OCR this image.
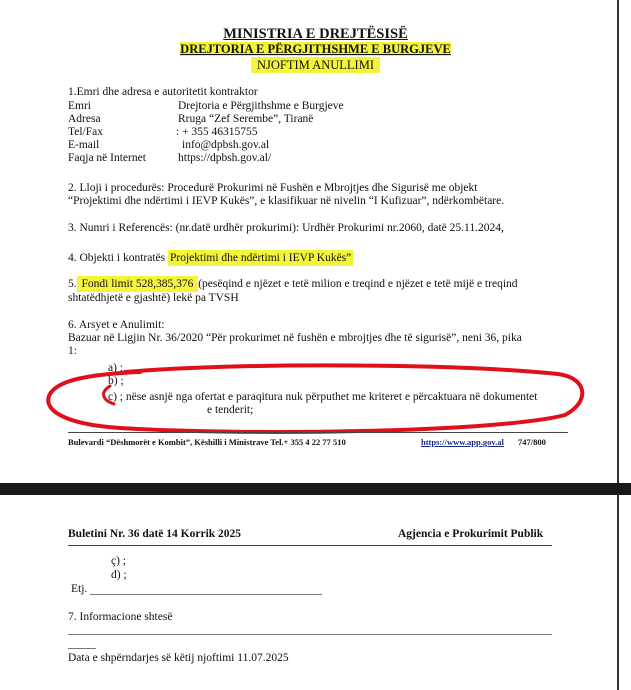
MINISTRIA E DREJTËSISË
DREJTORIA E PËRGJITHSHME E BURGJEVE
NJOFTIM ANULLIMI
1.Emri dhe adresa e autoritetit kontraktor
Emri	Drejtoria e Përgjithshme e Burgjeve
Adresa	Rruga “Zef Serembe”, Tiranë
Tel/Fax	: + 355 46315755
E-mail	info@dpbsh.gov.al
Faqja në Internet	https://dpbsh.gov.al/
2. Lloji i procedurës: Procedurë Prokurimi në Fushën e Mbrojtjes dhe Sigurisë me objekt
“Projektimi dhe ndërtimi i IEVP Kukës”, e klasifikuar në nivelin “I Kufizuar”, ndërkombëtare.
3. Numri i Referencës: (nr.datë urdhër prokurimi): Urdhër Prokurimi nr.2060, datë 25.11.2024,
4. Objekti i kontratës Projektimi dhe ndërtimi i IEVP Kukës”
5. Fondi limit 528,385,376 (pesëqind e njëzet e tetë milion e treqind e njëzet e tetë mijë e treqind
shtatëdhjetë e gjashtë) lekë pa TVSH
6. Arsyet e Anulimit:
Bazuar në Ligjin Nr. 36/2020 “Për prokurimet në fushën e mbrojtjes dhe të sigurisë”, neni 36, pika
1:
a) ;
b) ;
c) ; nëse asnjë nga ofertat e paraqitura nuk përputhet me kriteret e përcaktuara në dokumentet
e tenderit;
Bulevardi “Dëshmorët e Kombit”, Këshilli i Ministrave Tel.+ 355 4 22 77 510	https://www.app.gov.al 747/800
Buletini Nr. 36 datë 14 Korrik 2025	Agjencia e Prokurimit Publik
ç) ;
d) ;
Etj.
7. Informacione shtesë
Data e shpërndarjes së këtij njoftimi 11.07.2025
